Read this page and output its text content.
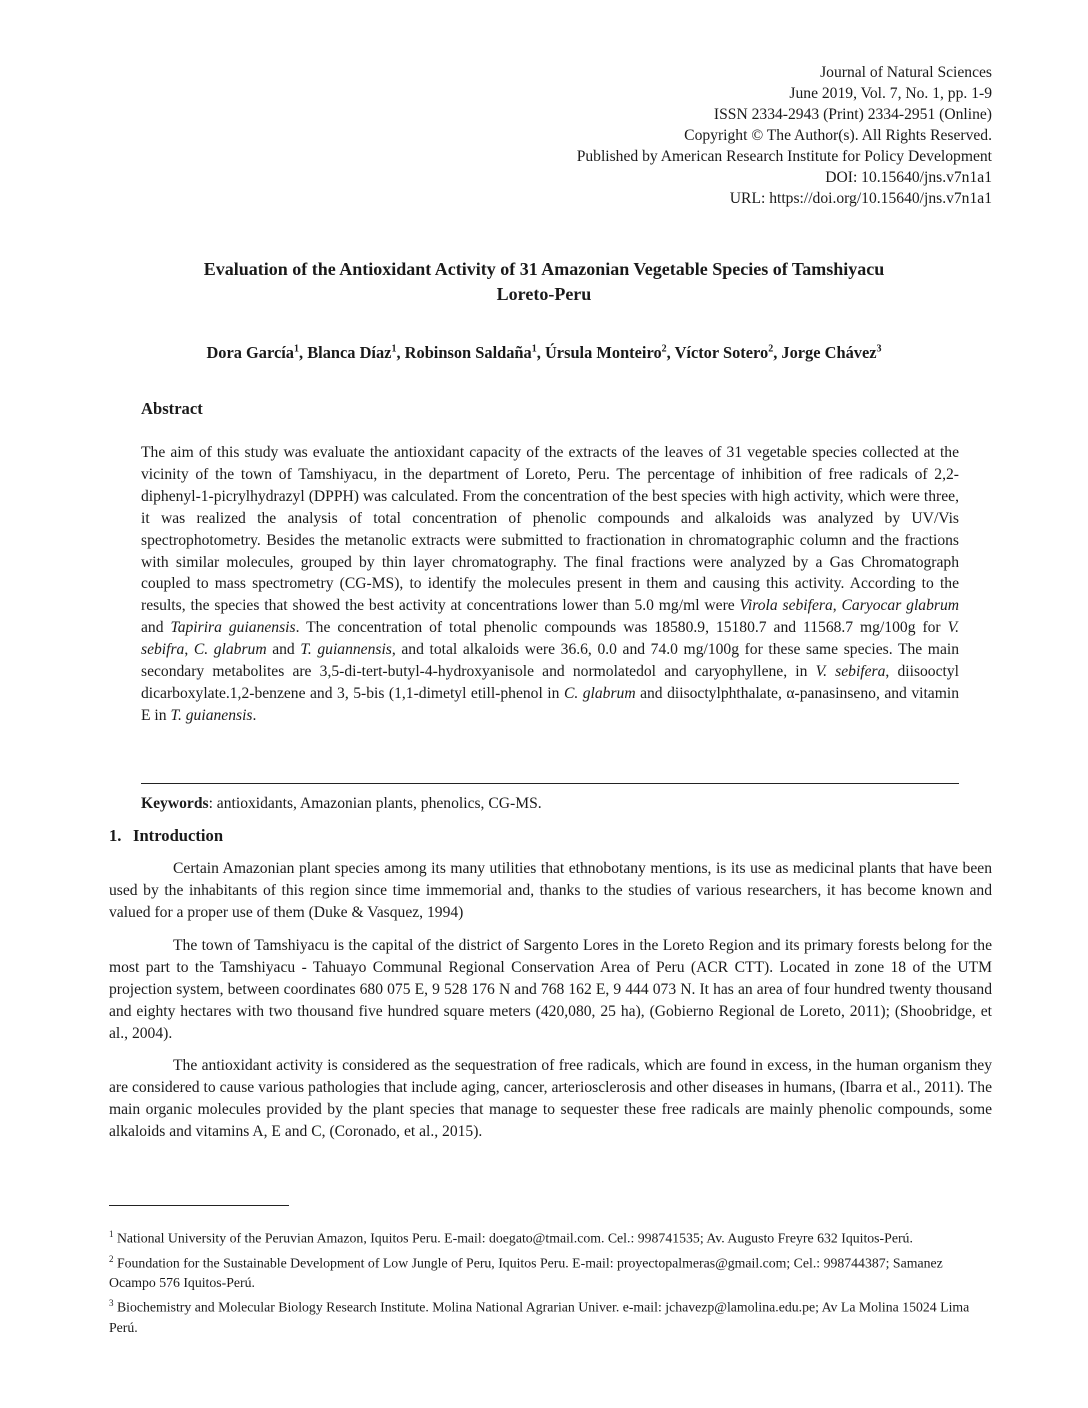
Journal of Natural Sciences
June 2019, Vol. 7, No. 1, pp. 1-9
ISSN 2334-2943 (Print) 2334-2951 (Online)
Copyright © The Author(s). All Rights Reserved.
Published by American Research Institute for Policy Development
DOI: 10.15640/jns.v7n1a1
URL: https://doi.org/10.15640/jns.v7n1a1
Evaluation of the Antioxidant Activity of 31 Amazonian Vegetable Species of Tamshiyacu
Loreto-Peru
Dora García$^1$, Blanca Díaz$^1$, Robinson Saldaña$^1$, Úrsula Monteiro$^2$, Víctor Sotero$^2$, Jorge Chávez$^3$
Abstract
The aim of this study was evaluate the antioxidant capacity of the extracts of the leaves of 31 vegetable species collected at the vicinity of the town of Tamshiyacu, in the department of Loreto, Peru. The percentage of inhibition of free radicals of 2,2-diphenyl-1-picrylhydrazyl (DPPH) was calculated. From the concentration of the best species with high activity, which were three, it was realized the analysis of total concentration of phenolic compounds and alkaloids was analyzed by UV/Vis spectrophotometry. Besides the metanolic extracts were submitted to fractionation in chromatographic column and the fractions with similar molecules, grouped by thin layer chromatography. The final fractions were analyzed by a Gas Chromatograph coupled to mass spectrometry (CG-MS), to identify the molecules present in them and causing this activity. According to the results, the species that showed the best activity at concentrations lower than 5.0 mg/ml were Virola sebifera, Caryocar glabrum and Tapirira guianensis. The concentration of total phenolic compounds was 18580.9, 15180.7 and 11568.7 mg/100g for V. sebifra, C. glabrum and T. guiannensis, and total alkaloids were 36.6, 0.0 and 74.0 mg/100g for these same species. The main secondary metabolites are 3,5-di-tert-butyl-4-hydroxyanisole and normolatedol and caryophyllene, in V. sebifera, diisooctyl dicarboxylate.1,2-benzene and 3, 5-bis (1,1-dimetyl etill-phenol in C. glabrum and diisoctylphthalate, α-panasinseno, and vitamin E in T. guianensis.
Keywords: antioxidants, Amazonian plants, phenolics, CG-MS.
1. Introduction
Certain Amazonian plant species among its many utilities that ethnobotany mentions, is its use as medicinal plants that have been used by the inhabitants of this region since time immemorial and, thanks to the studies of various researchers, it has become known and valued for a proper use of them (Duke & Vasquez, 1994)
The town of Tamshiyacu is the capital of the district of Sargento Lores in the Loreto Region and its primary forests belong for the most part to the Tamshiyacu - Tahuayo Communal Regional Conservation Area of Peru (ACR CTT). Located in zone 18 of the UTM projection system, between coordinates 680 075 E, 9 528 176 N and 768 162 E, 9 444 073 N. It has an area of four hundred twenty thousand and eighty hectares with two thousand five hundred square meters (420,080, 25 ha), (Gobierno Regional de Loreto, 2011); (Shoobridge, et al., 2004).
The antioxidant activity is considered as the sequestration of free radicals, which are found in excess, in the human organism they are considered to cause various pathologies that include aging, cancer, arteriosclerosis and other diseases in humans, (Ibarra et al., 2011). The main organic molecules provided by the plant species that manage to sequester these free radicals are mainly phenolic compounds, some alkaloids and vitamins A, E and C, (Coronado, et al., 2015).

$^1$ National University of the Peruvian Amazon, Iquitos Peru. E-mail: doegato@tmail.com. Cel.: 998741535; Av. Augusto Freyre 632 Iquitos-Perú.

$^2$ Foundation for the Sustainable Development of Low Jungle of Peru, Iquitos Peru. E-mail: proyectopalmeras@gmail.com; Cel.: 998744387; Samanez Ocampo 576 Iquitos-Perú.

$^3$ Biochemistry and Molecular Biology Research Institute. Molina National Agrarian Univer. e-mail: jchavezp@lamolina.edu.pe; Av La Molina 15024 Lima Perú.
